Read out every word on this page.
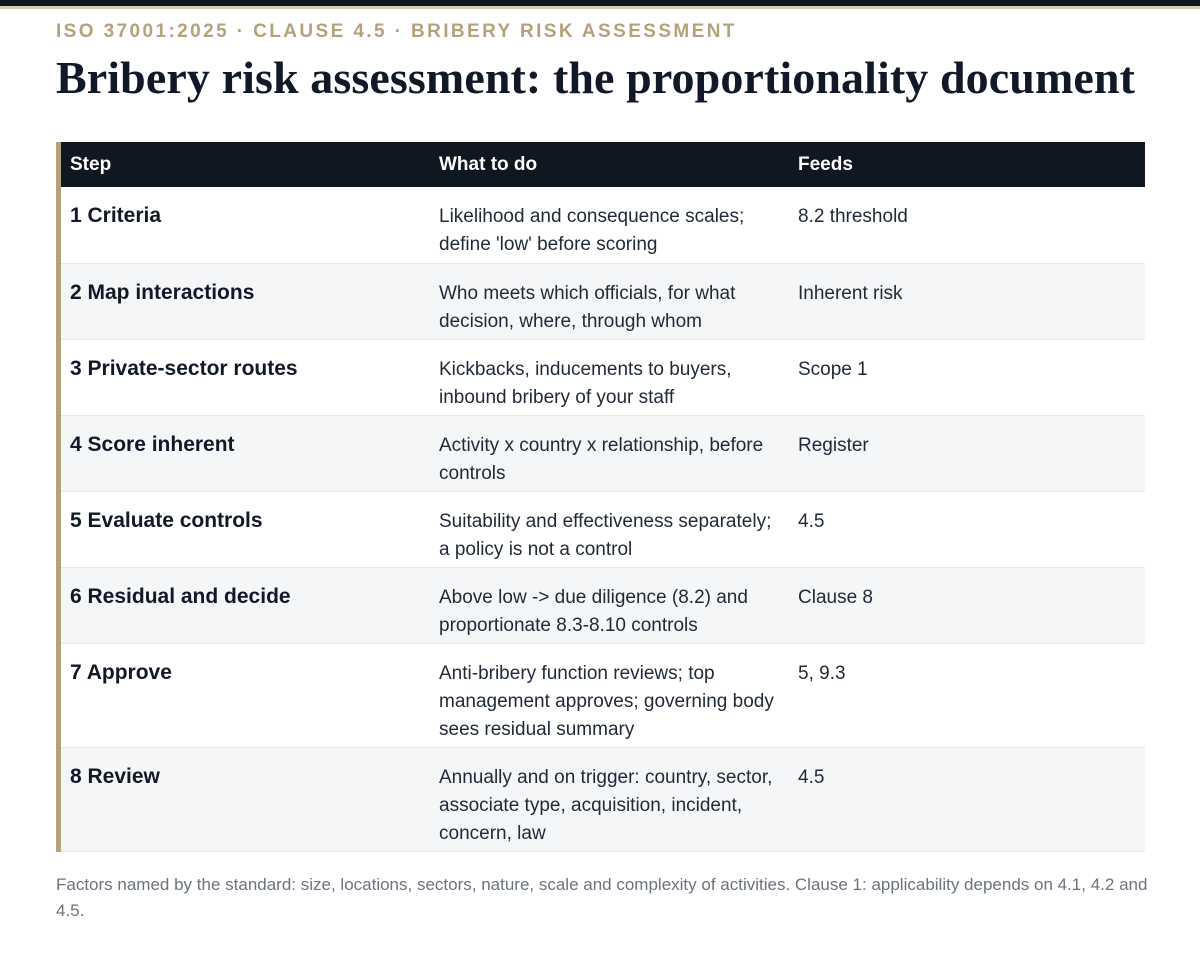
ISO 37001:2025 · CLAUSE 4.5 · BRIBERY RISK ASSESSMENT
Bribery risk assessment: the proportionality document
Step	What to do	Feeds
1 Criteria	Likelihood and consequence scales; define 'low' before scoring	8.2 threshold
2 Map interactions	Who meets which officials, for what decision, where, through whom	Inherent risk
3 Private-sector routes	Kickbacks, inducements to buyers, inbound bribery of your staff	Scope 1
4 Score inherent	Activity x country x relationship, before controls	Register
5 Evaluate controls	Suitability and effectiveness separately; a policy is not a control	4.5
6 Residual and decide	Above low -> due diligence (8.2) and proportionate 8.3-8.10 controls	Clause 8
7 Approve	Anti-bribery function reviews; top management approves; governing body sees residual summary	5, 9.3
8 Review	Annually and on trigger: country, sector, associate type, acquisition, incident, concern, law	4.5
Factors named by the standard: size, locations, sectors, nature, scale and complexity of activities. Clause 1: applicability depends on 4.1, 4.2 and 4.5.
